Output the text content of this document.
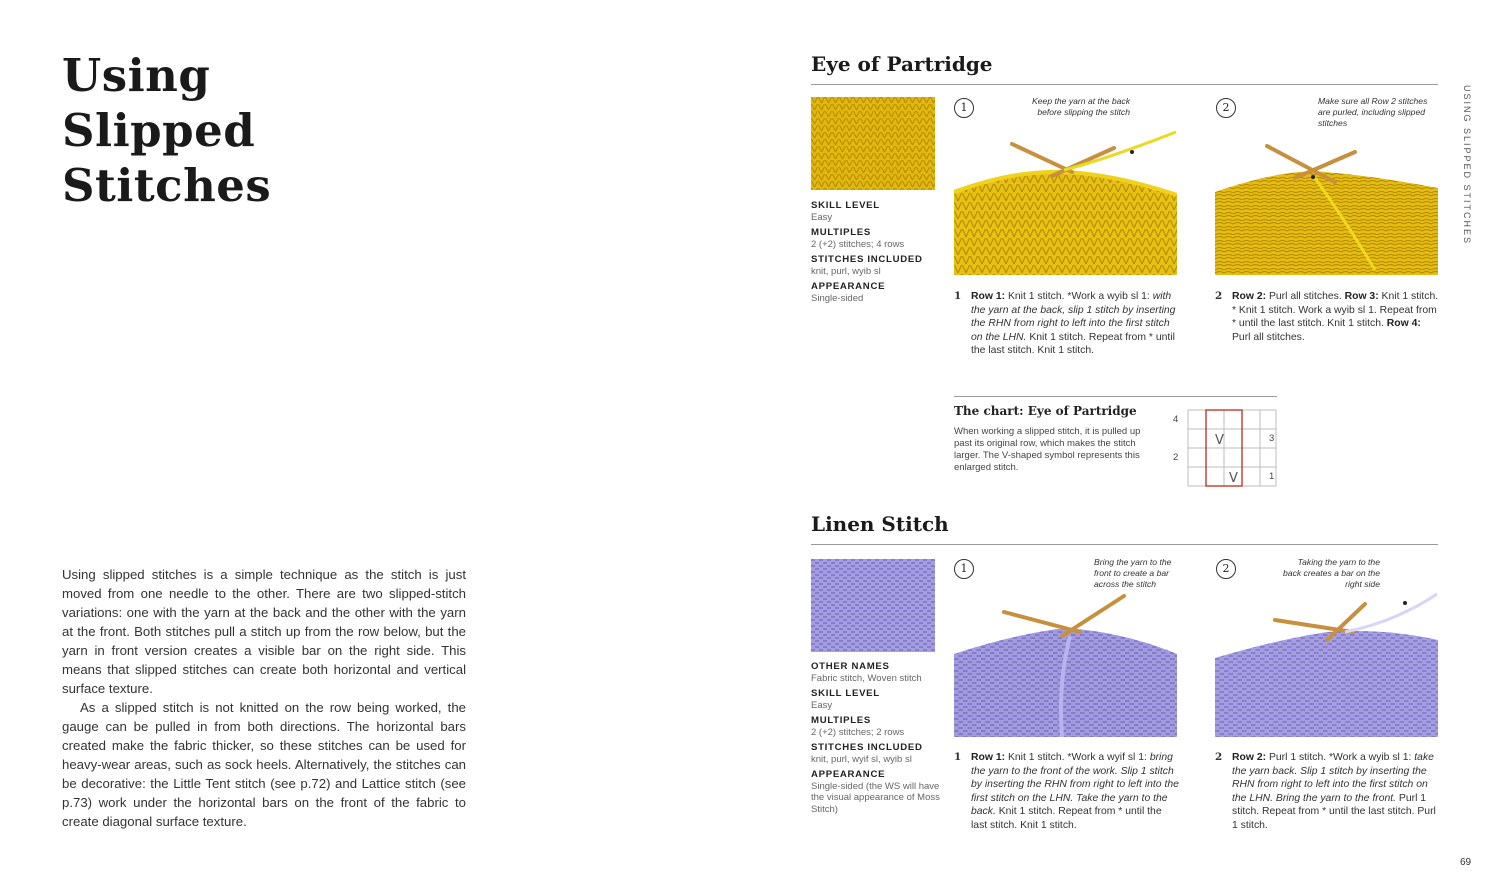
Using
Slipped
Stitches

Using slipped stitches is a simple technique as the stitch is just moved from one needle to the other. There are two slipped-stitch variations: one with the yarn at the back and the other with the yarn at the front. Both stitches pull a stitch up from the row below, but the yarn in front version creates a visible bar on the right side. This means that slipped stitches can create both horizontal and vertical surface texture.

As a slipped stitch is not knitted on the row being worked, the gauge can be pulled in from both directions. The horizontal bars created make the fabric thicker, so these stitches can be used for heavy-wear areas, such as sock heels. Alternatively, the stitches can be decorative: the Little Tent stitch (see p.72) and Lattice stitch (see p.73) work under the horizontal bars on the front of the fabric to create diagonal surface texture.

USING SLIPPED STITCHES
69
Eye of Partridge
SKILL LEVEL
Easy
MULTIPLES
2 (+2) stitches; 4 rows
STITCHES INCLUDED
knit, purl, wyib sl
APPEARANCE
Single-sided
1	Keep the yarn at the back before slipping the stitch
1 Row 1: Knit 1 stitch. *Work a wyib sl 1: with the yarn at the back, slip 1 stitch by inserting the RHN from right to left into the first stitch on the LHN. Knit 1 stitch. Repeat from * until the last stitch. Knit 1 stitch.
2	Make sure all Row 2 stitches are purled, including slipped stitches
2 Row 2: Purl all stitches. Row 3: Knit 1 stitch. * Knit 1 stitch. Work a wyib sl 1. Repeat from * until the last stitch. Knit 1 stitch. Row 4: Purl all stitches.
The chart: Eye of Partridge
When working a slipped stitch, it is pulled up past its original row, which makes the stitch larger. The V-shaped symbol represents this enlarged stitch.
V
V
4
3
2
1
Linen Stitch
OTHER NAMES
Fabric stitch, Woven stitch
SKILL LEVEL
Easy
MULTIPLES
2 (+2) stitches; 2 rows
STITCHES INCLUDED
knit, purl, wyif sl, wyib sl
APPEARANCE
Single-sided (the WS will have the visual appearance of Moss Stitch)
1	Bring the yarn to the front to create a bar across the stitch
1 Row 1: Knit 1 stitch. *Work a wyif sl 1: bring the yarn to the front of the work. Slip 1 stitch by inserting the RHN from right to left into the first stitch on the LHN. Take the yarn to the back. Knit 1 stitch. Repeat from * until the last stitch. Knit 1 stitch.
2	Taking the yarn to the back creates a bar on the right side
2 Row 2: Purl 1 stitch. *Work a wyib sl 1: take the yarn back. Slip 1 stitch by inserting the RHN from right to left into the first stitch on the LHN. Bring the yarn to the front. Purl 1 stitch. Repeat from * until the last stitch. Purl 1 stitch.
